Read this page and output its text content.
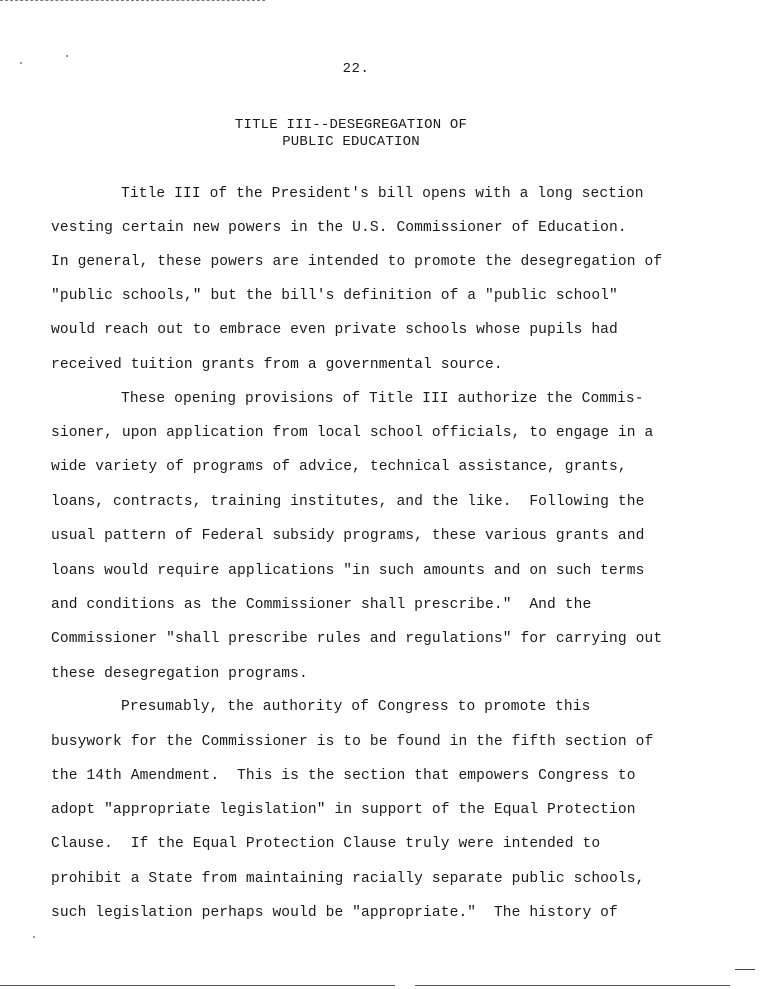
22.
TITLE III--DESEGREGATION OF
PUBLIC EDUCATION
Title III of the President's bill opens with a long section
vesting certain new powers in the U.S. Commissioner of Education.
In general, these powers are intended to promote the desegregation of
"public schools," but the bill's definition of a "public school"
would reach out to embrace even private schools whose pupils had
received tuition grants from a governmental source.
These opening provisions of Title III authorize the Commis-
sioner, upon application from local school officials, to engage in a
wide variety of programs of advice, technical assistance, grants,
loans, contracts, training institutes, and the like.  Following the
usual pattern of Federal subsidy programs, these various grants and
loans would require applications "in such amounts and on such terms
and conditions as the Commissioner shall prescribe."  And the
Commissioner "shall prescribe rules and regulations" for carrying out
these desegregation programs.
Presumably, the authority of Congress to promote this
busywork for the Commissioner is to be found in the fifth section of
the 14th Amendment.  This is the section that empowers Congress to
adopt "appropriate legislation" in support of the Equal Protection
Clause.  If the Equal Protection Clause truly were intended to
prohibit a State from maintaining racially separate public schools,
such legislation perhaps would be "appropriate."  The history of
